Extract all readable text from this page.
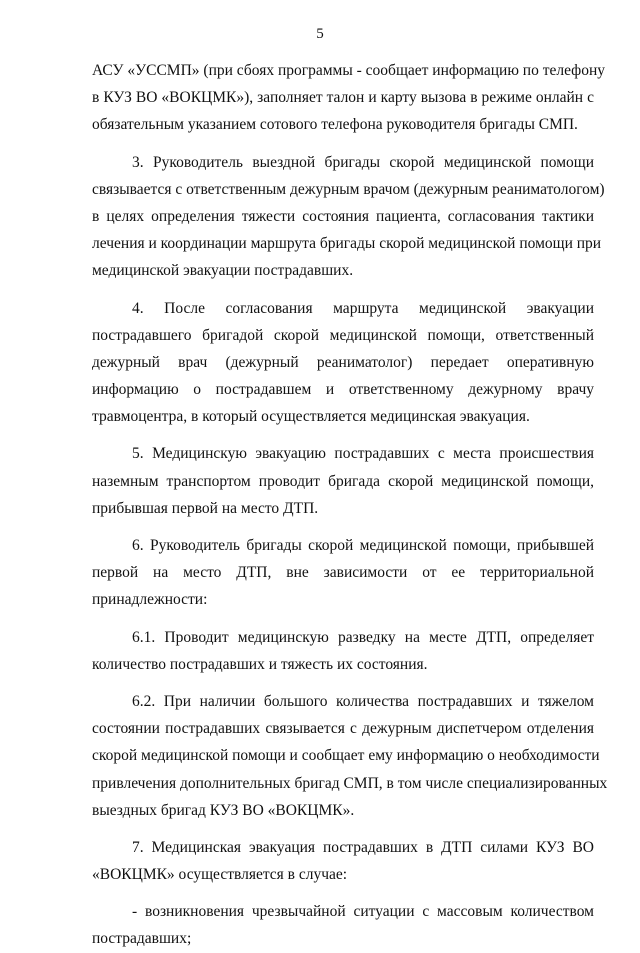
5
АСУ «УССМП» (при сбоях программы - сообщает информацию по телефону
в КУЗ ВО «ВОКЦМК»), заполняет талон и карту вызова в режиме онлайн с
обязательным указанием сотового телефона руководителя бригады СМП.
3. Руководитель выездной бригады скорой медицинской помощи
связывается с ответственным дежурным врачом (дежурным реаниматологом)
в целях определения тяжести состояния пациента, согласования тактики
лечения и координации маршрута бригады скорой медицинской помощи при
медицинской эвакуации пострадавших.
4. После согласования маршрута медицинской эвакуации
пострадавшего бригадой скорой медицинской помощи, ответственный
дежурный врач (дежурный реаниматолог) передает оперативную
информацию о пострадавшем и ответственному дежурному врачу
травмоцентра, в который осуществляется медицинская эвакуация.
5. Медицинскую эвакуацию пострадавших с места происшествия
наземным транспортом проводит бригада скорой медицинской помощи,
прибывшая первой на место ДТП.
6. Руководитель бригады скорой медицинской помощи, прибывшей
первой на место ДТП, вне зависимости от ее территориальной
принадлежности:
6.1. Проводит медицинскую разведку на месте ДТП, определяет
количество пострадавших и тяжесть их состояния.
6.2. При наличии большого количества пострадавших и тяжелом
состоянии пострадавших связывается с дежурным диспетчером отделения
скорой медицинской помощи и сообщает ему информацию о необходимости
привлечения дополнительных бригад СМП, в том числе специализированных
выездных бригад КУЗ ВО «ВОКЦМК».
7. Медицинская эвакуация пострадавших в ДТП силами КУЗ ВО
«ВОКЦМК» осуществляется в случае:
- возникновения чрезвычайной ситуации с массовым количеством
пострадавших;
